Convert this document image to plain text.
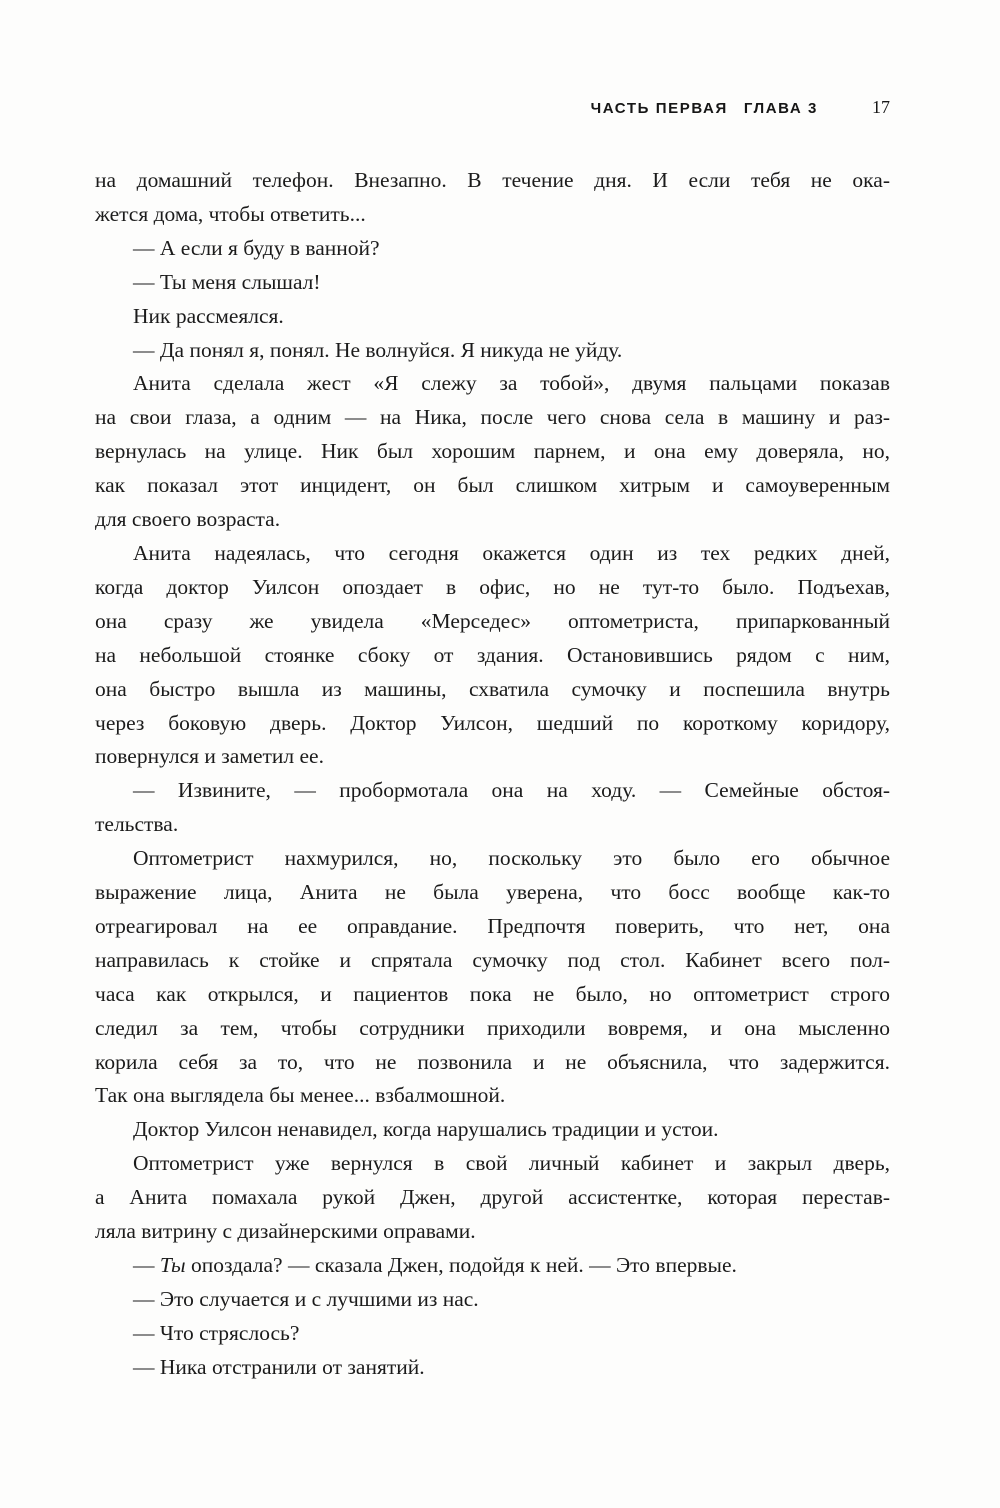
ЧАСТЬ ПЕРВАЯ ГЛАВА 3	17

на домашний телефон. Внезапно. В течение дня. И если тебя не ока-
жется дома, чтобы ответить...

— А если я буду в ванной?

— Ты меня слышал!

Ник рассмеялся.

— Да понял я, понял. Не волнуйся. Я никуда не уйду.

Анита сделала жест «Я слежу за тобой», двумя пальцами показав
на свои глаза, а одним — на Ника, после чего снова села в машину и раз-
вернулась на улице. Ник был хорошим парнем, и она ему доверяла, но,
как показал этот инцидент, он был слишком хитрым и самоуверенным
для своего возраста.

Анита надеялась, что сегодня окажется один из тех редких дней,
когда доктор Уилсон опоздает в офис, но не тут-то было. Подъехав,
она сразу же увидела «Мерседес» оптометриста, припаркованный
на небольшой стоянке сбоку от здания. Остановившись рядом с ним,
она быстро вышла из машины, схватила сумочку и поспешила внутрь
через боковую дверь. Доктор Уилсон, шедший по короткому коридору,
повернулся и заметил ее.

— Извините, — пробормотала она на ходу. — Семейные обстоя-
тельства.

Оптометрист нахмурился, но, поскольку это было его обычное
выражение лица, Анита не была уверена, что босс вообще как-то
отреагировал на ее оправдание. Предпочтя поверить, что нет, она
направилась к стойке и спрятала сумочку под стол. Кабинет всего пол-
часа как открылся, и пациентов пока не было, но оптометрист строго
следил за тем, чтобы сотрудники приходили вовремя, и она мысленно
корила себя за то, что не позвонила и не объяснила, что задержится.
Так она выглядела бы менее... взбалмошной.

Доктор Уилсон ненавидел, когда нарушались традиции и устои.

Оптометрист уже вернулся в свой личный кабинет и закрыл дверь,
а Анита помахала рукой Джен, другой ассистентке, которая перестав-
ляла витрину с дизайнерскими оправами.

— Ты опоздала? — сказала Джен, подойдя к ней. — Это впервые.

— Это случается и с лучшими из нас.

— Что стряслось?

— Ника отстранили от занятий.
